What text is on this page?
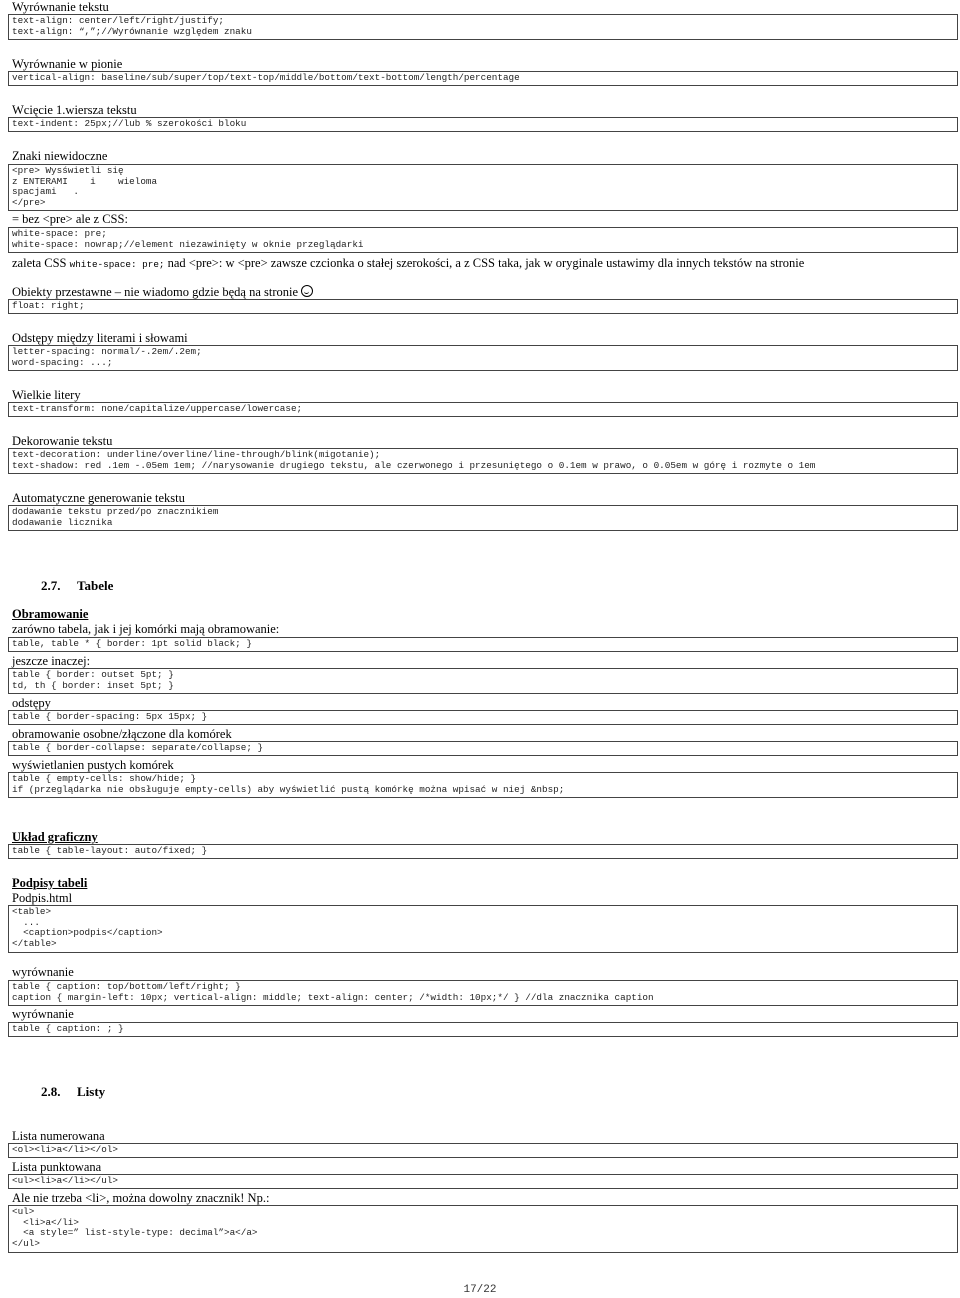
Wyrównanie tekstu
text-align: center/left/right/justify;
text-align: “,”;//Wyrównanie względem znaku
Wyrównanie w pionie
vertical-align: baseline/sub/super/top/text-top/middle/bottom/text-bottom/length/percentage
Wcięcie 1.wiersza tekstu
text-indent: 25px;//lub % szerokości bloku
Znaki niewidoczne
<pre> Wysświetli się
z ENTERAMI    i    wieloma
spacjami   .
</pre>
= bez <pre> ale z CSS:
white-space: pre;
white-space: nowrap;//element niezawinięty w oknie przeglądarki
zaleta CSS white-space: pre; nad <pre>: w <pre> zawsze czcionka o stałej szerokości, a z CSS taka, jak w oryginale ustawimy dla innych tekstów na stronie
Obiekty przestawne – nie wiadomo gdzie będą na stronie
float: right;
Odstępy między literami i słowami
letter-spacing: normal/-.2em/.2em;
word-spacing: ...;
Wielkie litery
text-transform: none/capitalize/uppercase/lowercase;
Dekorowanie tekstu
text-decoration: underline/overline/line-through/blink(migotanie);
text-shadow: red .1em -.05em 1em; //narysowanie drugiego tekstu, ale czerwonego i przesuniętego o 0.1em w prawo, o 0.05em w górę i rozmyte o 1em
Automatyczne generowanie tekstu
dodawanie tekstu przed/po znacznikiem
dodawanie licznika
2.7. Tabele
Obramowanie
zarówno tabela, jak i jej komórki mają obramowanie:
table, table * { border: 1pt solid black; }
jeszcze inaczej:
table { border: outset 5pt; }
td, th { border: inset 5pt; }
odstępy
table { border-spacing: 5px 15px; }
obramowanie osobne/złączone dla komórek
table { border-collapse: separate/collapse; }
wyświetlanien pustych komórek
table { empty-cells: show/hide; }
if (przeglądarka nie obsługuje empty-cells) aby wyświetlić pustą komórkę można wpisać w niej &nbsp;
Układ graficzny
table { table-layout: auto/fixed; }
Podpisy tabeli
Podpis.html
<table>
...
<caption>podpis</caption>
</table>
wyrównanie
table { caption: top/bottom/left/right; }
caption { margin-left: 10px; vertical-align: middle; text-align: center; /*width: 10px;*/ } //dla znacznika caption
wyrównanie
table { caption: ; }
2.8. Listy
Lista numerowana
<ol><li>a</li></ol>
Lista punktowana
<ul><li>a</li></ul>
Ale nie trzeba <li>, można dowolny znacznik! Np.:
<ul>
<li>a</li>
<a style=” list-style-type: decimal”>a</a>
</ul>
17/22
